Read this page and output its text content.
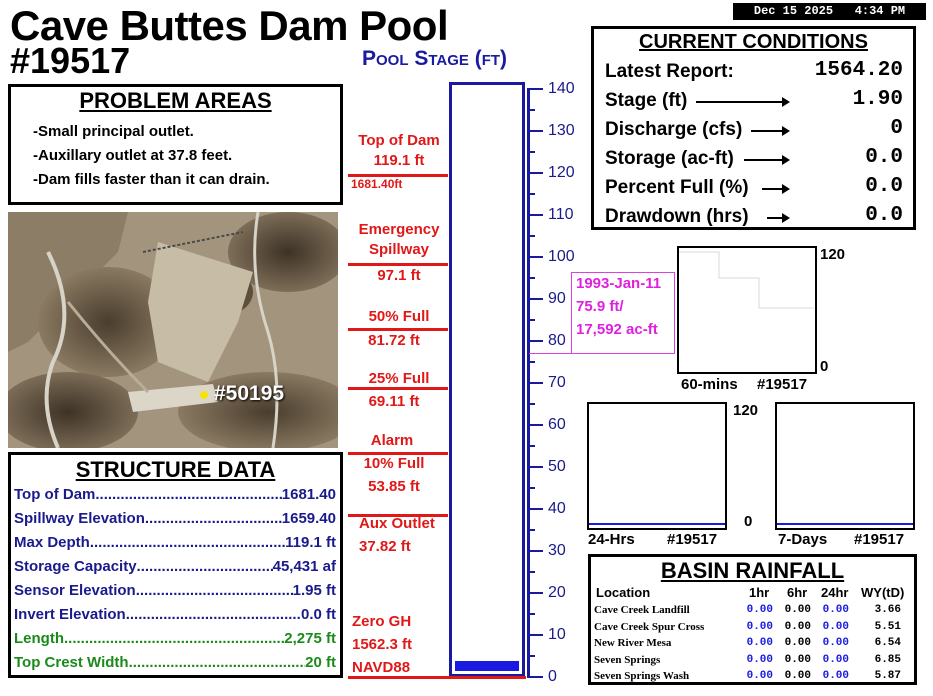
Cave Buttes Dam Pool
#19517
Dec 15 2025   4:34 PM
Pool Stage (ft)
PROBLEM AREAS
-Small principal outlet.
-Auxillary outlet at 37.8 feet.
-Dam fills faster than it can drain.
#50195
STRUCTURE DATA
Top of Dam .....	1681.40
Spillway Elevation .....	1659.40
Max Depth .....	119.1 ft
Storage Capacity .....	45,431 af
Sensor Elevation .....	1.95 ft
Invert Elevation .....	0.0 ft
Length .....	2,275 ft
Top Crest Width .....	20 ft
140
130
120
110
100
90
80
70
60
50
40
30
20
10
0
Top of Dam
119.1 ft
1681.40ft
Emergency
Spillway
97.1 ft
50% Full
81.72 ft
25% Full
69.11 ft
Alarm
10% Full
53.85 ft
Aux Outlet
37.82 ft
Zero GH
1562.3 ft
NAVD88
1993-Jan-11
75.9 ft/
17,592 ac-ft
CURRENT CONDITIONS
Latest Report:	1564.20
Stage (ft)	1.90
Discharge (cfs)	0
Storage (ac-ft)	0.0
Percent Full (%)	0.0
Drawdown (hrs)	0.0
120
0
60-mins #19517
24-Hrs #19517
120
0
7-Days #19517
BASIN RAINFALL
Location	1hr 6hr 24hr WY(tD)
Cave Creek Landfill	0.00	0.00	0.00	3.66
Cave Creek Spur Cross	0.00	0.00	0.00	5.51
New River Mesa	0.00	0.00	0.00	6.54
Seven Springs	0.00	0.00	0.00	6.85
Seven Springs Wash	0.00	0.00	0.00	5.87
